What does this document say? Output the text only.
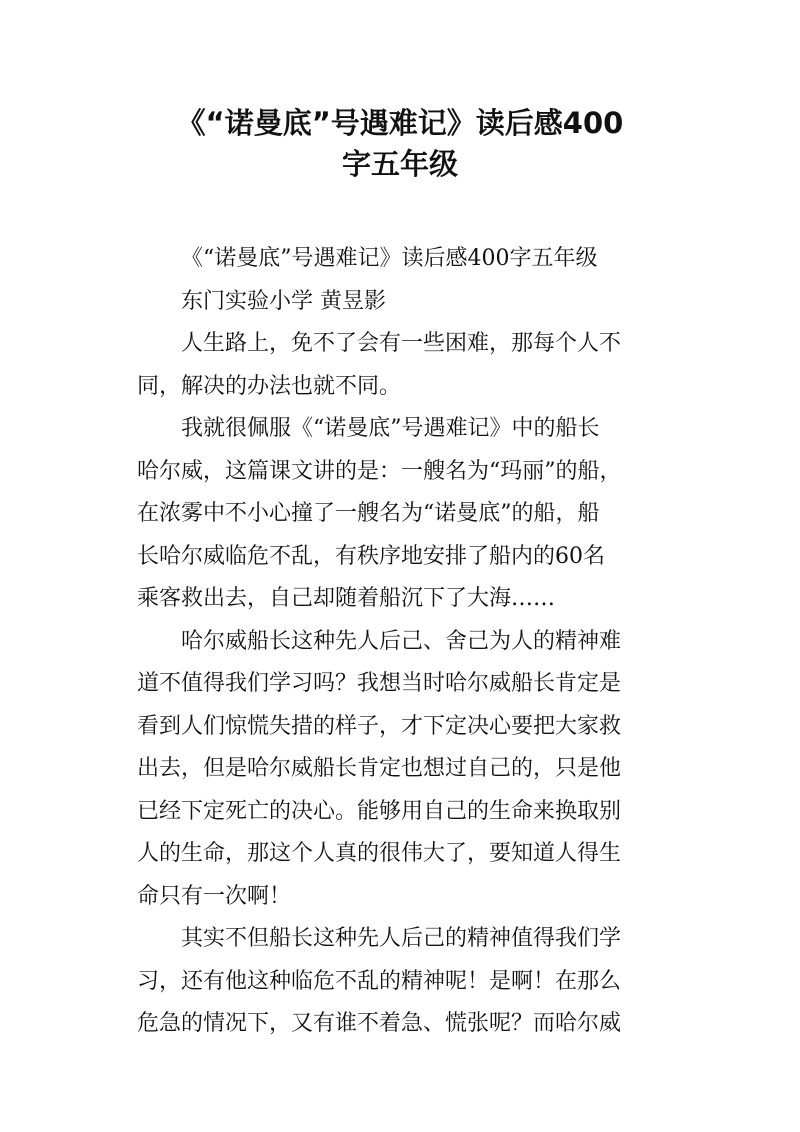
《“诺曼底”号遇难记》读后感400
字五年级
《“诺曼底”号遇难记》读后感400字五年级
东门实验小学 黄昱影
人生路上，免不了会有一些困难，那每个人不
同，解决的办法也就不同。
我就很佩服《“诺曼底”号遇难记》中的船长
哈尔威，这篇课文讲的是：一艘名为“玛丽”的船，
在浓雾中不小心撞了一艘名为“诺曼底”的船，船
长哈尔威临危不乱，有秩序地安排了船内的60名
乘客救出去，自己却随着船沉下了大海……
哈尔威船长这种先人后己、舍己为人的精神难
道不值得我们学习吗？我想当时哈尔威船长肯定是
看到人们惊慌失措的样子，才下定决心要把大家救
出去，但是哈尔威船长肯定也想过自己的，只是他
已经下定死亡的决心。能够用自己的生命来换取别
人的生命，那这个人真的很伟大了，要知道人得生
命只有一次啊！
其实不但船长这种先人后己的精神值得我们学
习，还有他这种临危不乱的精神呢！是啊！在那么
危急的情况下，又有谁不着急、慌张呢？而哈尔威
